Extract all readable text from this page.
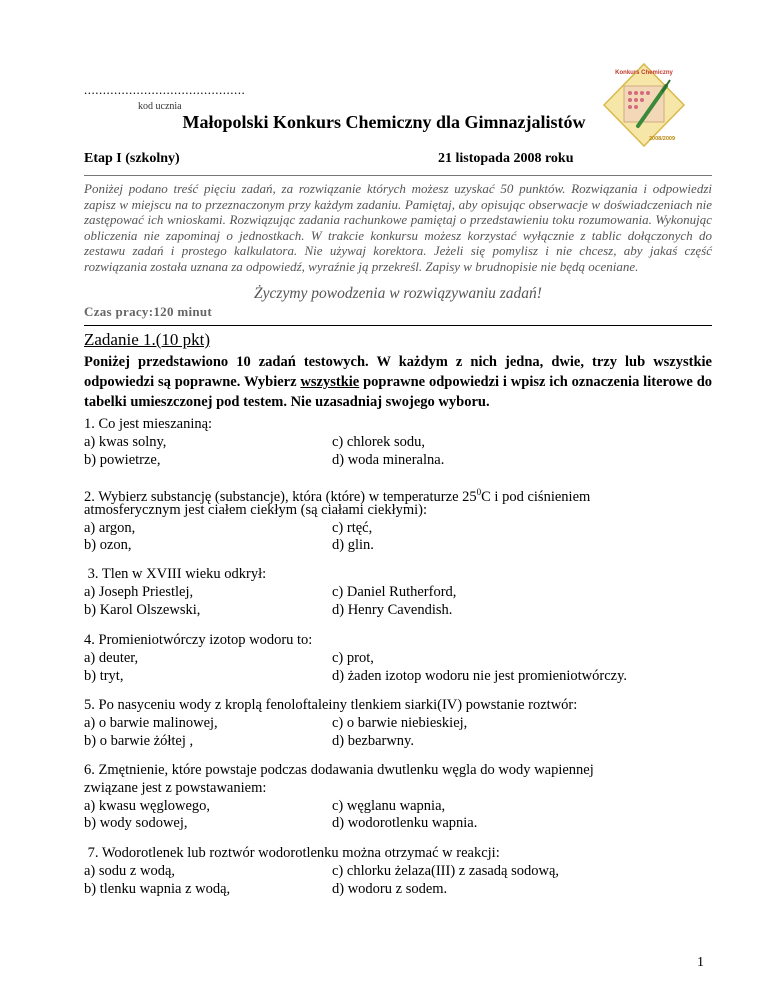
...........................................
kod ucznia
Konkurs Chemiczny
2008/2009
Małopolski Konkurs Chemiczny dla Gimnazjalistów
Etap I (szkolny)	21 listopada 2008 roku
Poniżej podano treść pięciu zadań, za rozwiązanie których możesz uzyskać 50 punktów. Rozwiązania i odpowiedzi zapisz w miejscu na to przeznaczonym przy każdym zadaniu. Pamiętaj, aby opisując obserwacje w doświadczeniach nie zastępować ich wnioskami. Rozwiązując zadania rachunkowe pamiętaj o przedstawieniu toku rozumowania. Wykonując obliczenia nie zapominaj o jednostkach. W trakcie konkursu możesz korzystać wyłącznie z tablic dołączonych do zestawu zadań i prostego kalkulatora. Nie używaj korektora. Jeżeli się pomylisz i nie chcesz, aby jakaś część rozwiązania została uznana za odpowiedź, wyraźnie ją przekreśl. Zapisy w brudnopisie nie będą oceniane.
Życzymy powodzenia w rozwiązywaniu zadań!
Czas pracy:120 minut
Zadanie 1.(10 pkt)
Poniżej przedstawiono 10 zadań testowych. W każdym z nich jedna, dwie, trzy lub wszystkie odpowiedzi są poprawne. Wybierz wszystkie poprawne odpowiedzi i wpisz ich oznaczenia literowe do tabelki umieszczonej pod testem. Nie uzasadniaj swojego wyboru.
1. Co jest mieszaniną:
a) kwas solny,	c) chlorek sodu,
b) powietrze,	d) woda mineralna.
2. Wybierz substancję (substancje), która (które) w temperaturze $25^0C$ i pod ciśnieniem
atmosferycznym jest ciałem ciekłym (są ciałami ciekłymi):
a) argon,	c) rtęć,
b) ozon,	d) glin.
3. Tlen w XVIII wieku odkrył:
a) Joseph Priestlej,	c) Daniel Rutherford,
b) Karol Olszewski,	d) Henry Cavendish.
4. Promieniotwórczy izotop wodoru to:
a) deuter,	c) prot,
b) tryt,	d) żaden izotop wodoru nie jest promieniotwórczy.
5. Po nasyceniu wody z kroplą fenoloftaleiny tlenkiem siarki(IV) powstanie roztwór:
a) o barwie malinowej,	c) o barwie niebieskiej,
b) o barwie żółtej ,	d) bezbarwny.
6. Zmętnienie, które powstaje podczas dodawania dwutlenku węgla do wody wapiennej
związane jest z powstawaniem:
a) kwasu węglowego,	c) węglanu wapnia,
b) wody sodowej,	d) wodorotlenku wapnia.
7. Wodorotlenek lub roztwór wodorotlenku można otrzymać w reakcji:
a) sodu z wodą,	c) chlorku żelaza(III) z zasadą sodową,
b) tlenku wapnia z wodą,	d) wodoru z sodem.
1
